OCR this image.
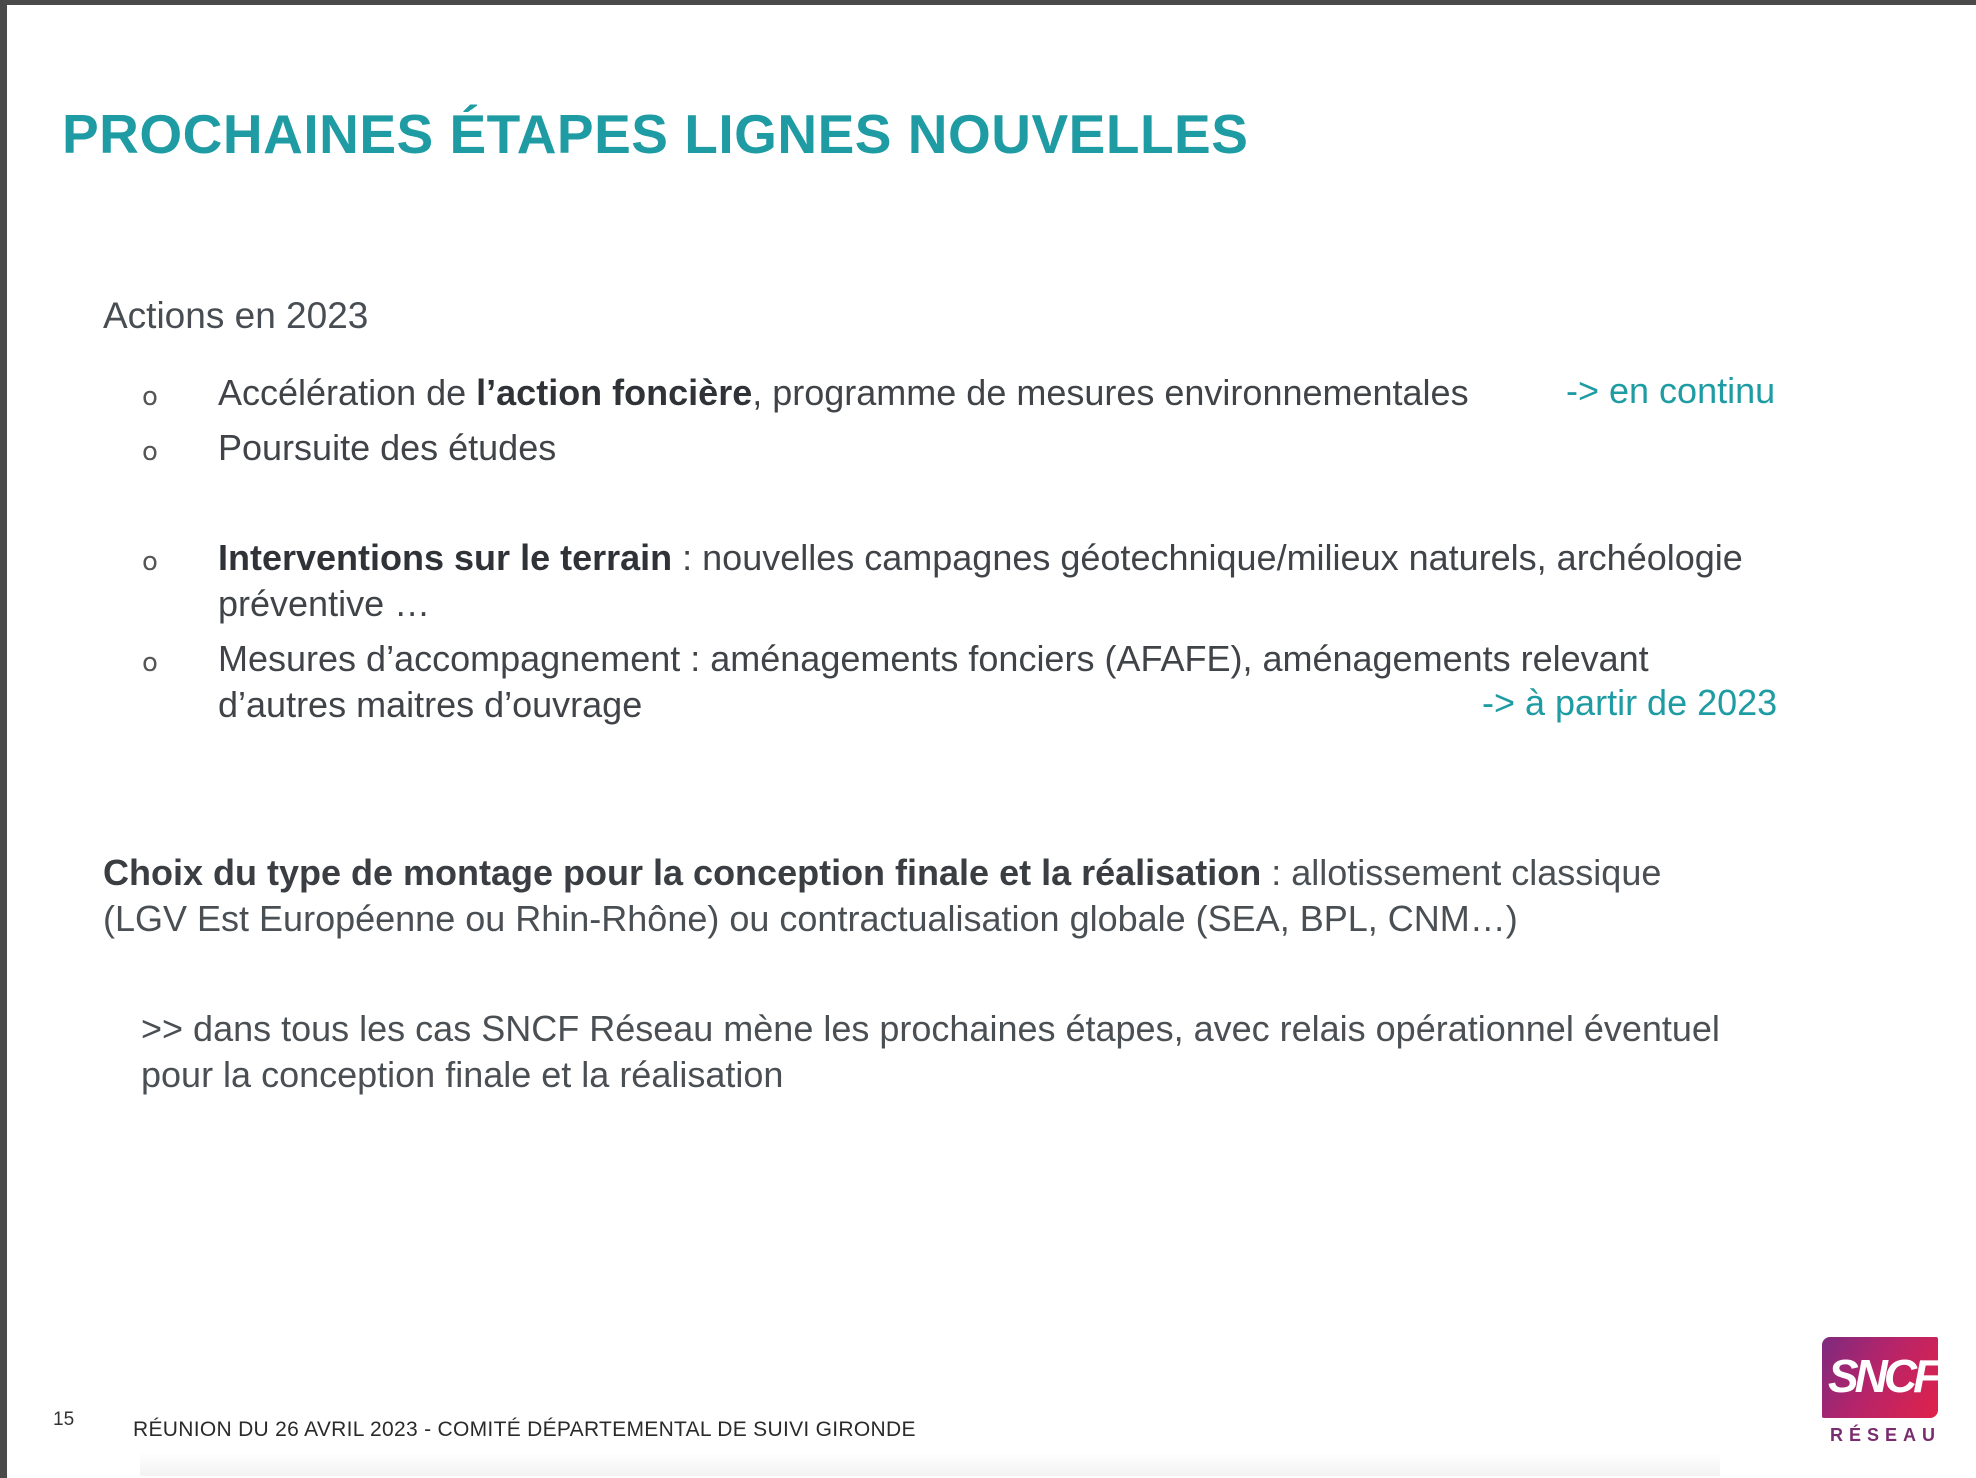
PROCHAINES ÉTAPES LIGNES NOUVELLES
Actions en 2023
o Accélération de l’action foncière, programme de mesures environnementales	-> en continu
o Poursuite des études
o Interventions sur le terrain : nouvelles campagnes géotechnique/milieux naturels, archéologie
préventive …
o Mesures d’accompagnement : aménagements fonciers (AFAFE), aménagements relevant
d’autres maitres d’ouvrage	-> à partir de 2023
Choix du type de montage pour la conception finale et la réalisation : allotissement classique
(LGV Est Européenne ou Rhin-Rhône) ou contractualisation globale (SEA, BPL, CNM…)
>> dans tous les cas SNCF Réseau mène les prochaines étapes, avec relais opérationnel éventuel
pour la conception finale et la réalisation
15	RÉUNION DU 26 AVRIL 2023 - COMITÉ DÉPARTEMENTAL DE SUIVI GIRONDE
SNCF
RÉSEAU
